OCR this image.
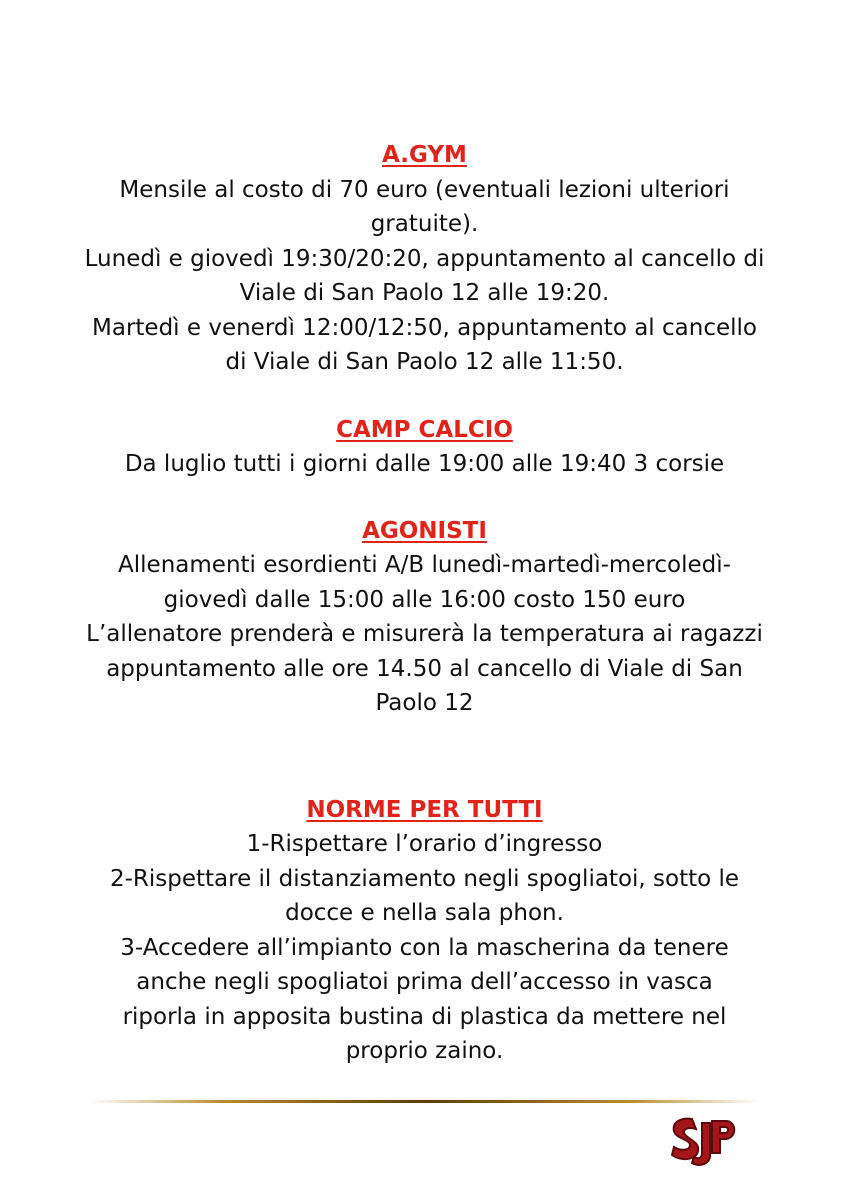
A.GYM

Mensile al costo di 70 euro (eventuali lezioni ulteriori

gratuite).

Lunedì e giovedì 19:30/20:20, appuntamento al cancello di

Viale di San Paolo 12 alle 19:20.

Martedì e venerdì 12:00/12:50, appuntamento al cancello

di Viale di San Paolo 12 alle 11:50.

CAMP CALCIO

Da luglio tutti i giorni dalle 19:00 alle 19:40 3 corsie

AGONISTI

Allenamenti esordienti A/B lunedì-martedì-mercoledì-

giovedì dalle 15:00 alle 16:00 costo 150 euro

L’allenatore prenderà e misurerà la temperatura ai ragazzi

appuntamento alle ore 14.50 al cancello di Viale di San

Paolo 12

NORME PER TUTTI

1-Rispettare l’orario d’ingresso

2-Rispettare il distanziamento negli spogliatoi, sotto le

docce e nella sala phon.

3-Accedere all’impianto con la mascherina da tenere

anche negli spogliatoi prima dell’accesso in vasca

riporla in apposita bustina di plastica da mettere nel

proprio zaino.
